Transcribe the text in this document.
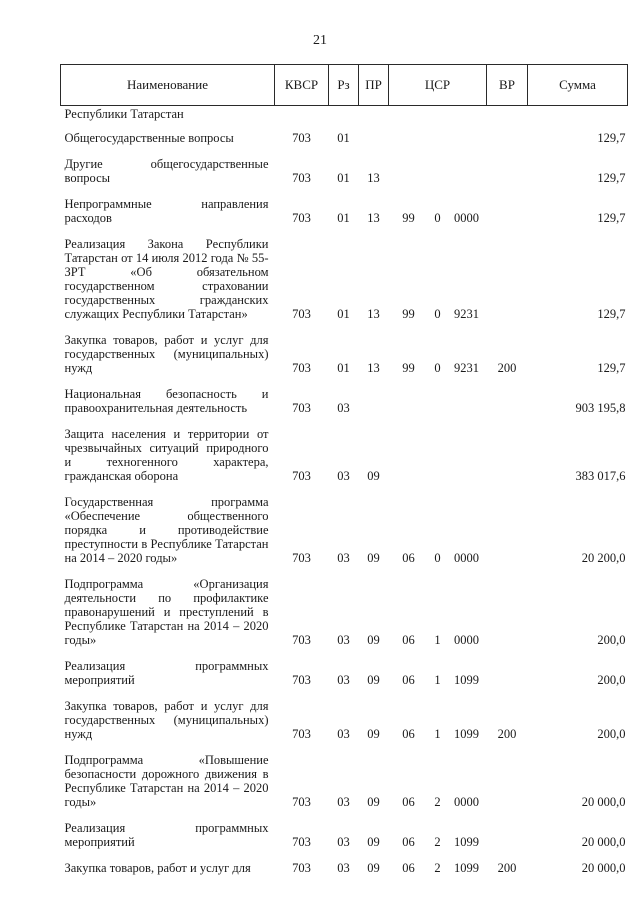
21
Наименование	КВСР	Рз	ПР	ЦСР			ВР	Сумма
Республики Татарстан								
Общегосударственные вопросы	703	01						129,7
Другие общегосударственные вопросы	703	01	13					129,7
Непрограммные направления расходов	703	01	13	99	0	0000		129,7
Реализация Закона Республики Татарстан от 14 июля 2012 года № 55-ЗРТ «Об обязательном государственном страховании государственных гражданских служащих Республики Татарстан»	703	01	13	99	0	9231		129,7
Закупка товаров, работ и услуг для государственных (муниципальных) нужд	703	01	13	99	0	9231	200	129,7
Национальная безопасность и правоохранительная деятельность	703	03						903 195,8
Защита населения и территории от чрезвычайных ситуаций природного и техногенного характера, гражданская оборона	703	03	09					383 017,6
Государственная программа «Обеспечение общественного порядка и противодействие преступности в Республике Татарстан на 2014 – 2020 годы»	703	03	09	06	0	0000		20 200,0
Подпрограмма «Организация деятельности по профилактике правонарушений и преступлений в Республике Татарстан на 2014 – 2020 годы»	703	03	09	06	1	0000		200,0
Реализация программных мероприятий	703	03	09	06	1	1099		200,0
Закупка товаров, работ и услуг для государственных (муниципальных) нужд	703	03	09	06	1	1099	200	200,0
Подпрограмма «Повышение безопасности дорожного движения в Республике Татарстан на 2014 – 2020 годы»	703	03	09	06	2	0000		20 000,0
Реализация программных мероприятий	703	03	09	06	2	1099		20 000,0
Закупка товаров, работ и услуг для	703	03	09	06	2	1099	200	20 000,0
